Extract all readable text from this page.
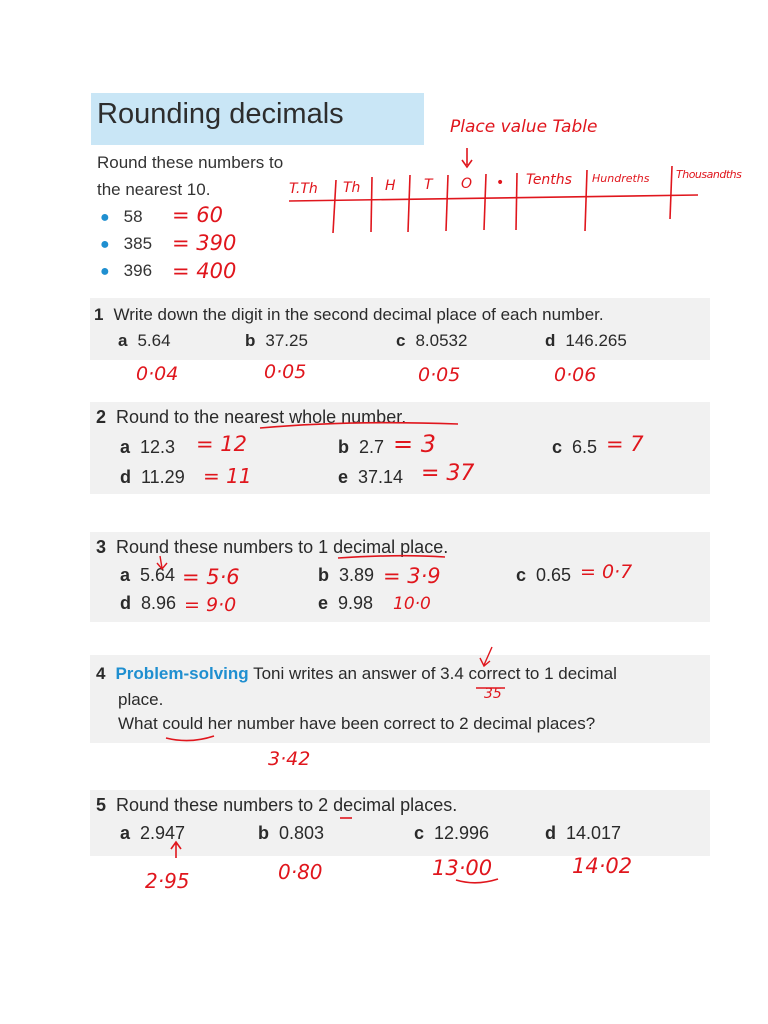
Rounding decimals
Round these numbers to
the nearest 10.
● 58
● 385
● 396
= 60
= 390
= 400
Place value Table
T.Th Th H T O • Tenths Hundreths Thousandths
1 Write down the digit in the second decimal place of each number.
a 5.64	b 37.25	c 8.0532	d 146.265
0·04	0·05	0·05	0·06
2 Round to the nearest whole number.
a 12.3	b 2.7	c 6.5
d 11.29	e 37.14
= 12	= 3	= 7
= 11	= 37
3 Round these numbers to 1 decimal place.
a 5.64	b 3.89	c 0.65
d 8.96	e 9.98
= 5·6	= 3·9	= 0·7
= 9·0	10·0
4 Problem-solving Toni writes an answer of 3.4 correct to 1 decimal
place.
What could her number have been correct to 2 decimal places?
35
3·42
5 Round these numbers to 2 decimal places.
a 2.947	b 0.803	c 12.996	d 14.017
2·95	0·80	13·00	14·02
